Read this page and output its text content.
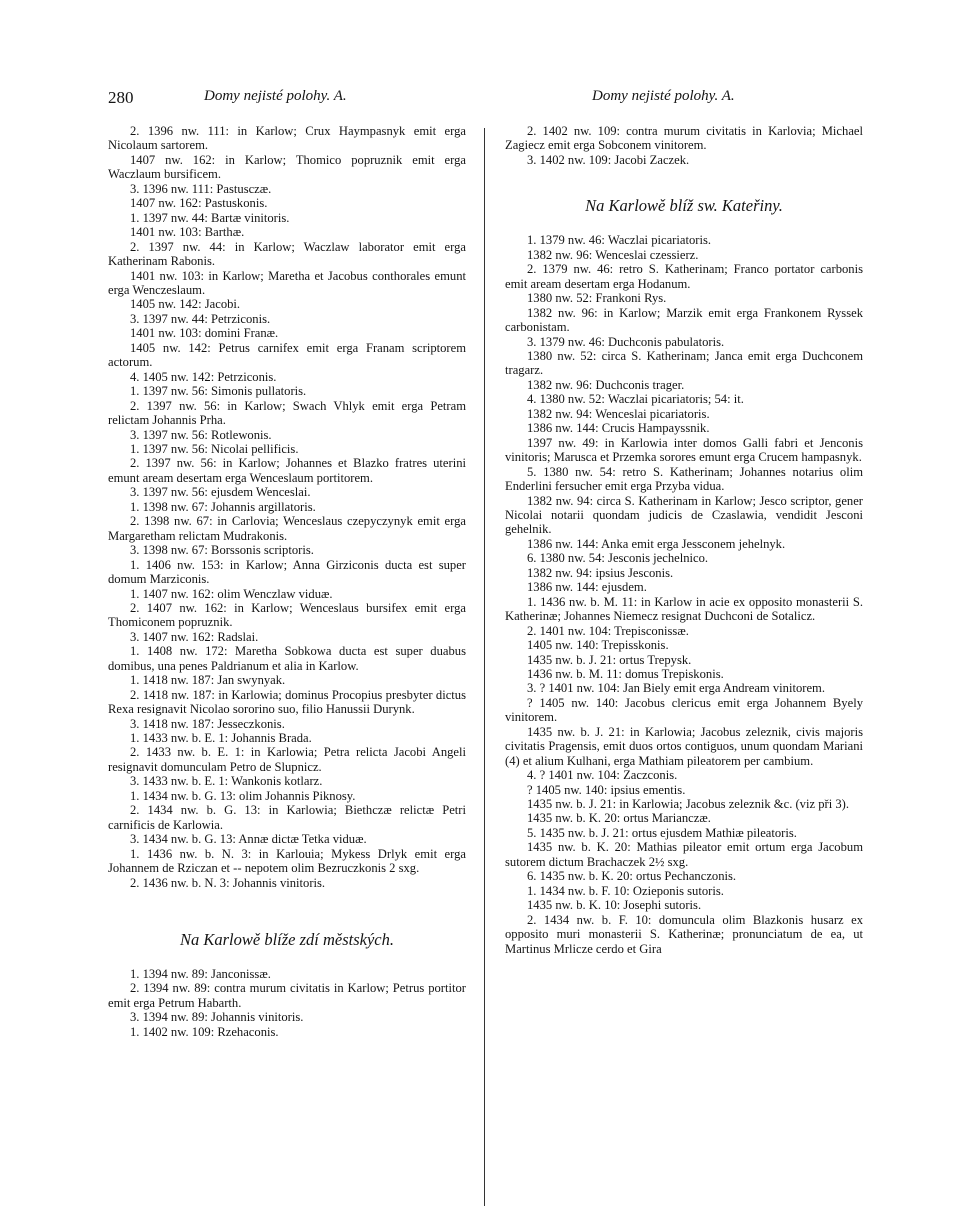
280	Domy nejisté polohy. A.	Domy nejisté polohy. A.

2. 1396 nw. 111: in Karlow; Crux Haympasnyk emit erga Nicolaum sartorem.

1407 nw. 162: in Karlow; Thomico popruznik emit erga Waczlaum bursificem.

3. 1396 nw. 111: Pastusczæ.

1407 nw. 162: Pastuskonis.

1. 1397 nw. 44: Bartæ vinitoris.

1401 nw. 103: Barthæ.

2. 1397 nw. 44: in Karlow; Waczlaw laborator emit erga Katherinam Rabonis.

1401 nw. 103: in Karlow; Maretha et Jacobus conthorales emunt erga Wenczeslaum.

1405 nw. 142: Jacobi.

3. 1397 nw. 44: Petrziconis.

1401 nw. 103: domini Franæ.

1405 nw. 142: Petrus carnifex emit erga Franam scriptorem actorum.

4. 1405 nw. 142: Petrziconis.

1. 1397 nw. 56: Simonis pullatoris.

2. 1397 nw. 56: in Karlow; Swach Vhlyk emit erga Petram relictam Johannis Prha.

3. 1397 nw. 56: Rotlewonis.

1. 1397 nw. 56: Nicolai pellificis.

2. 1397 nw. 56: in Karlow; Johannes et Blazko fratres uterini emunt aream desertam erga Wenceslaum portitorem.

3. 1397 nw. 56: ejusdem Wenceslai.

1. 1398 nw. 67: Johannis argillatoris.

2. 1398 nw. 67: in Carlovia; Wenceslaus czepyczynyk emit erga Margaretham relictam Mudrakonis.

3. 1398 nw. 67: Borssonis scriptoris.

1. 1406 nw. 153: in Karlow; Anna Girziconis ducta est super domum Marziconis.

1. 1407 nw. 162: olim Wenczlaw viduæ.

2. 1407 nw. 162: in Karlow; Wenceslaus bursifex emit erga Thomiconem popruznik.

3. 1407 nw. 162: Radslai.

1. 1408 nw. 172: Maretha Sobkowa ducta est super duabus domibus, una penes Paldrianum et alia in Karlow.

1. 1418 nw. 187: Jan swynyak.

2. 1418 nw. 187: in Karlowia; dominus Procopius presbyter dictus Rexa resignavit Nicolao sororino suo, filio Hanussii Durynk.

3. 1418 nw. 187: Jesseczkonis.

1. 1433 nw. b. E. 1: Johannis Brada.

2. 1433 nw. b. E. 1: in Karlowia; Petra relicta Jacobi Angeli resignavit domunculam Petro de Slupnicz.

3. 1433 nw. b. E. 1: Wankonis kotlarz.

1. 1434 nw. b. G. 13: olim Johannis Piknosy.

2. 1434 nw. b. G. 13: in Karlowia; Biethczæ relictæ Petri carnificis de Karlowia.

3. 1434 nw. b. G. 13: Annæ dictæ Tetka viduæ.

1. 1436 nw. b. N. 3: in Karlouia; Mykess Drlyk emit erga Johannem de Rziczan et -- nepotem olim Bezruczkonis 2 sxg.

2. 1436 nw. b. N. 3: Johannis vinitoris.

Na Karlowě blíže zdí městských.

1. 1394 nw. 89: Janconissæ.

2. 1394 nw. 89: contra murum civitatis in Karlow; Petrus portitor emit erga Petrum Habarth.

3. 1394 nw. 89: Johannis vinitoris.

1. 1402 nw. 109: Rzehaconis.

2. 1402 nw. 109: contra murum civitatis in Karlovia; Michael Zagiecz emit erga Sobconem vinitorem.

3. 1402 nw. 109: Jacobi Zaczek.

Na Karlowě blíž sw. Kateřiny.

1. 1379 nw. 46: Waczlai picariatoris.

1382 nw. 96: Wenceslai czessierz.

2. 1379 nw. 46: retro S. Katherinam; Franco portator carbonis emit aream desertam erga Hodanum.

1380 nw. 52: Frankoni Rys.

1382 nw. 96: in Karlow; Marzik emit erga Frankonem Ryssek carbonistam.

3. 1379 nw. 46: Duchconis pabulatoris.

1380 nw. 52: circa S. Katherinam; Janca emit erga Duchconem tragarz.

1382 nw. 96: Duchconis trager.

4. 1380 nw. 52: Waczlai picariatoris; 54: it.

1382 nw. 94: Wenceslai picariatoris.

1386 nw. 144: Crucis Hampayssnik.

1397 nw. 49: in Karlowia inter domos Galli fabri et Jenconis vinitoris; Marusca et Przemka sorores emunt erga Crucem hampasnyk.

5. 1380 nw. 54: retro S. Katherinam; Johannes notarius olim Enderlini fersucher emit erga Przyba vidua.

1382 nw. 94: circa S. Katherinam in Karlow; Jesco scriptor, gener Nicolai notarii quondam judicis de Czaslawia, vendidit Jesconi gehelnik.

1386 nw. 144: Anka emit erga Jessconem jehelnyk.

6. 1380 nw. 54: Jesconis jechelnico.

1382 nw. 94: ipsius Jesconis.

1386 nw. 144: ejusdem.

1. 1436 nw. b. M. 11: in Karlow in acie ex opposito monasterii S. Katherinæ; Johannes Niemecz resignat Duchconi de Sotalicz.

2. 1401 nw. 104: Trepisconissæ.

1405 nw. 140: Trepisskonis.

1435 nw. b. J. 21: ortus Trepysk.

1436 nw. b. M. 11: domus Trepiskonis.

3. ? 1401 nw. 104: Jan Biely emit erga Andream vinitorem.

? 1405 nw. 140: Jacobus clericus emit erga Johannem Byely vinitorem.

1435 nw. b. J. 21: in Karlowia; Jacobus zeleznik, civis majoris civitatis Pragensis, emit duos ortos contiguos, unum quondam Mariani (4) et alium Kulhani, erga Mathiam pileatorem per cambium.

4. ? 1401 nw. 104: Zaczconis.

? 1405 nw. 140: ipsius ementis.

1435 nw. b. J. 21: in Karlowia; Jacobus zeleznik &c. (viz při 3).

1435 nw. b. K. 20: ortus Marianczæ.

5. 1435 nw. b. J. 21: ortus ejusdem Mathiæ pileatoris.

1435 nw. b. K. 20: Mathias pileator emit ortum erga Jacobum sutorem dictum Brachaczek 2½ sxg.

6. 1435 nw. b. K. 20: ortus Pechanczonis.

1. 1434 nw. b. F. 10: Ozieponis sutoris.

1435 nw. b. K. 10: Josephi sutoris.

2. 1434 nw. b. F. 10: domuncula olim Blazkonis husarz ex opposito muri monasterii S. Katherinæ; pronunciatum de ea, ut Martinus Mrlicze cerdo et Gira
